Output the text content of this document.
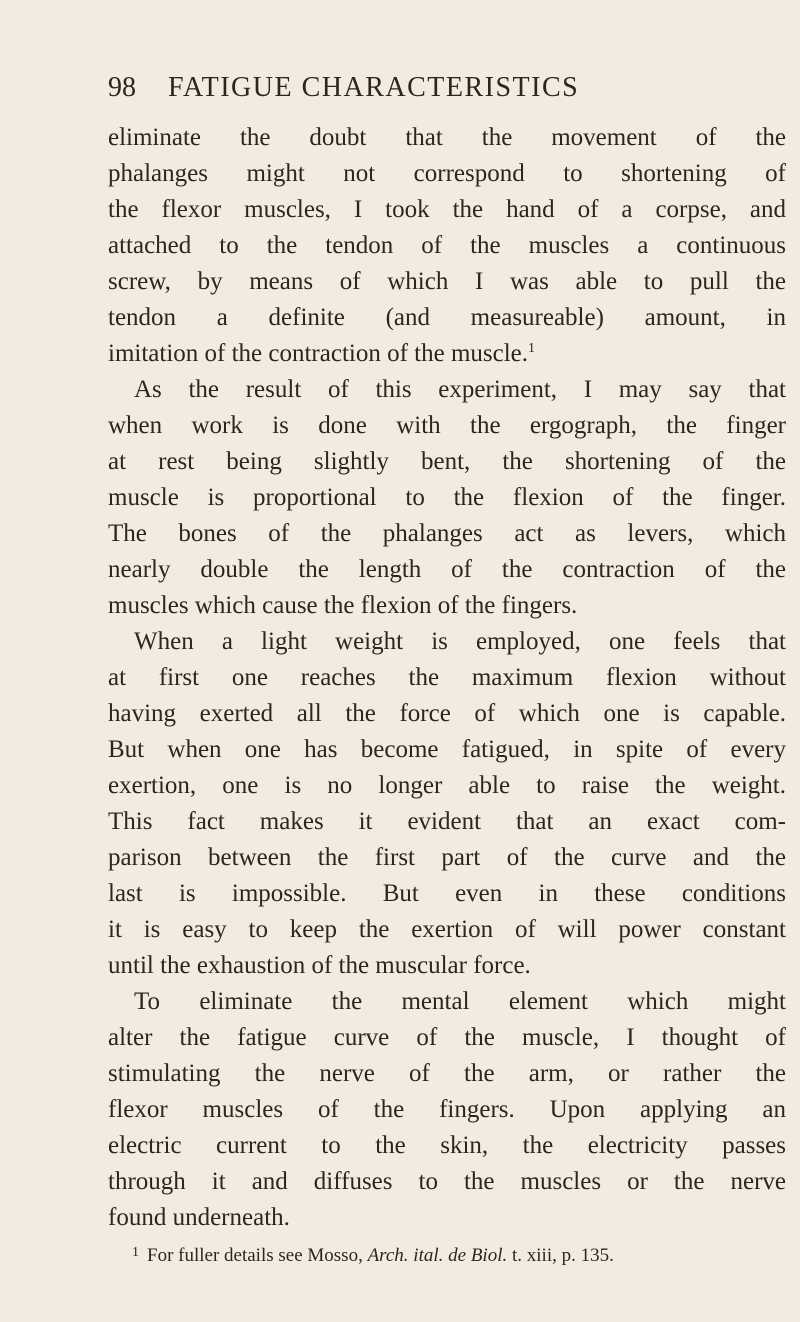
98 FATIGUE CHARACTERISTICS
eliminate the doubt that the movement of the
phalanges might not correspond to shortening of
the flexor muscles, I took the hand of a corpse, and
attached to the tendon of the muscles a continuous
screw, by means of which I was able to pull the
tendon a definite (and measureable) amount, in
imitation of the contraction of the muscle.$^1$
As the result of this experiment, I may say that
when work is done with the ergograph, the finger
at rest being slightly bent, the shortening of the
muscle is proportional to the flexion of the finger.
The bones of the phalanges act as levers, which
nearly double the length of the contraction of the
muscles which cause the flexion of the fingers.
When a light weight is employed, one feels that
at first one reaches the maximum flexion without
having exerted all the force of which one is capable.
But when one has become fatigued, in spite of every
exertion, one is no longer able to raise the weight.
This fact makes it evident that an exact com-
parison between the first part of the curve and the
last is impossible. But even in these conditions
it is easy to keep the exertion of will power constant
until the exhaustion of the muscular force.
To eliminate the mental element which might
alter the fatigue curve of the muscle, I thought of
stimulating the nerve of the arm, or rather the
flexor muscles of the fingers. Upon applying an
electric current to the skin, the electricity passes
through it and diffuses to the muscles or the nerve
found underneath.
$^1$ For fuller details see Mosso, Arch. ital. de Biol. t. xiii, p. 135.
